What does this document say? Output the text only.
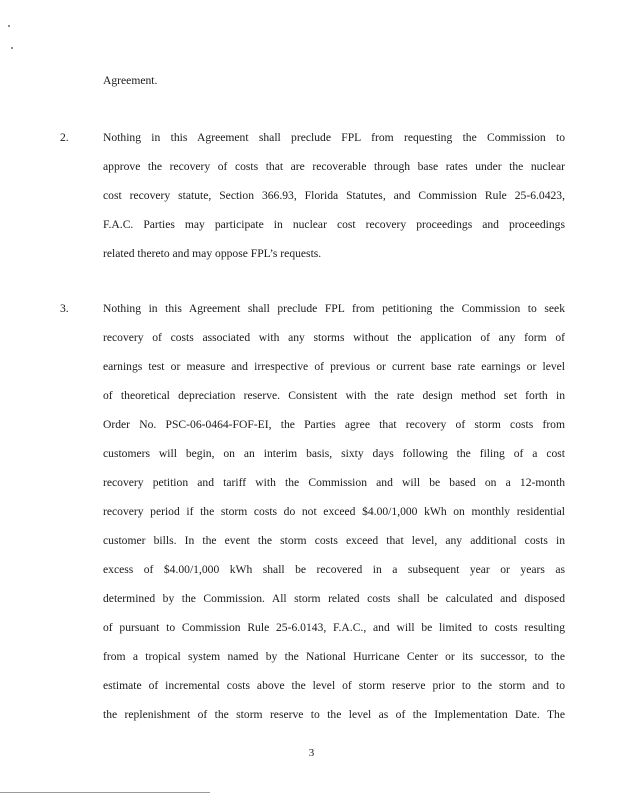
Agreement.
2.	Nothing in this Agreement shall preclude FPL from requesting the Commission to
approve the recovery of costs that are recoverable through base rates under the nuclear
cost recovery statute, Section 366.93, Florida Statutes, and Commission Rule 25-6.0423,
F.A.C. Parties may participate in nuclear cost recovery proceedings and proceedings
related thereto and may oppose FPL’s requests.
3.	Nothing in this Agreement shall preclude FPL from petitioning the Commission to seek
recovery of costs associated with any storms without the application of any form of
earnings test or measure and irrespective of previous or current base rate earnings or level
of theoretical depreciation reserve. Consistent with the rate design method set forth in
Order No. PSC-06-0464-FOF-EI, the Parties agree that recovery of storm costs from
customers will begin, on an interim basis, sixty days following the filing of a cost
recovery petition and tariff with the Commission and will be based on a 12-month
recovery period if the storm costs do not exceed $4.00/1,000 kWh on monthly residential
customer bills. In the event the storm costs exceed that level, any additional costs in
excess of $4.00/1,000 kWh shall be recovered in a subsequent year or years as
determined by the Commission. All storm related costs shall be calculated and disposed
of pursuant to Commission Rule 25-6.0143, F.A.C., and will be limited to costs resulting
from a tropical system named by the National Hurricane Center or its successor, to the
estimate of incremental costs above the level of storm reserve prior to the storm and to
the replenishment of the storm reserve to the level as of the Implementation Date. The
3
